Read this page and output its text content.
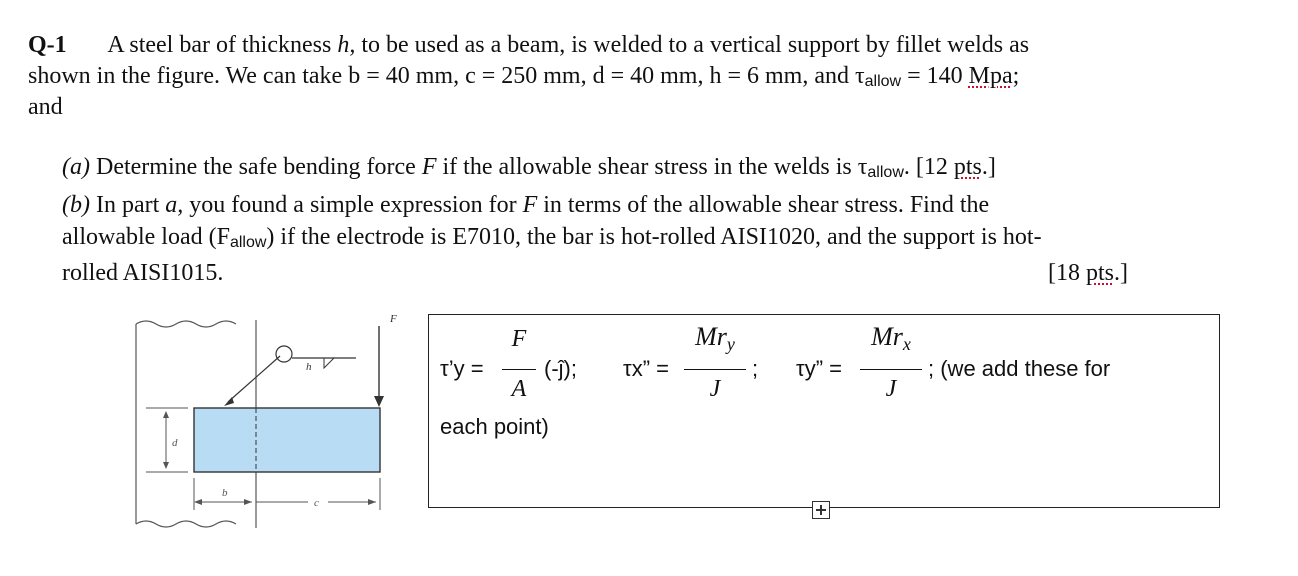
Q-1 A steel bar of thickness h, to be used as a beam, is welded to a vertical support by fillet welds as
shown in the figure. We can take b = 40 mm, c = 250 mm, d = 40 mm, h = 6 mm, and τallow = 140 Mpa;
and
(a) Determine the safe bending force F if the allowable shear stress in the welds is τallow. [12 pts.]
(b) In part a, you found a simple expression for F in terms of the allowable shear stress. Find the
allowable load (Fallow) if the electrode is E7010, the bar is hot-rolled AISI1020, and the support is hot-
rolled AISI1015.	[18 pts.]
h
F
d
b
c
τ’y =
F
A
(-ĵ); τx” =
Mry
J
; τy” =
Mrx
J
; (we add these for
each point)
